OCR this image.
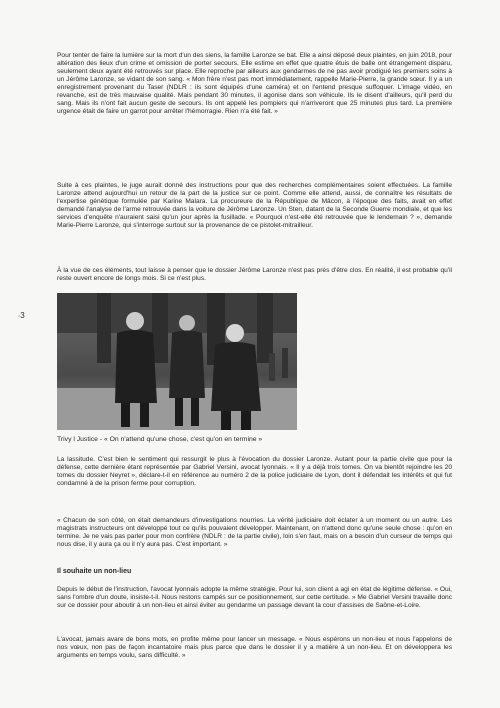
∙3

Pour tenter de faire la lumière sur la mort d'un des siens, la famille Laronze se bat. Elle a ainsi déposé deux plaintes, en juin 2018, pour altération des lieux d'un crime et omission de porter secours. Elle estime en effet que quatre étuis de balle ont étrangement disparu, seulement deux ayant été retrouvés sur place. Elle reproche par ailleurs aux gendarmes de ne pas avoir prodigué les premiers soins à un Jérôme Laronze, se vidant de son sang. « Mon frère n'est pas mort immédiatement, rappelle Marie-Pierre, la grande sœur. Il y a un enregistrement provenant du Taser (NDLR : ils sont équipés d'une caméra) et on l'entend presque suffoquer. L'image vidéo, en revanche, est de très mauvaise qualité. Mais pendant 30 minutes, il agonise dans son véhicule. Ils le disent d'ailleurs, qu'il perd du sang. Mais ils n'ont fait aucun geste de secours. Ils ont appelé les pompiers qui n'arriveront que 25 minutes plus tard. La première urgence était de faire un garrot pour arrêter l'hémorragie. Rien n'a été fait. »

Suite à ces plaintes, le juge aurait donné des instructions pour que des recherches complémentaires soient effectuées. La famille Laronze attend aujourd'hui un retour de la part de la justice sur ce point. Comme elle attend, aussi, de connaître les résultats de l'expertise génétique formulée par Karine Malara. La procureure de la République de Mâcon, à l'époque des faits, avait en effet demandé l'analyse de l'arme retrouvée dans la voiture de Jérôme Laronze. Un Sten, datant de la Seconde Guerre mondiale, et que les services d'enquête n'auraient saisi qu'un jour après la fusillade. « Pourquoi n'est-elle été retrouvée que le lendemain ? », demande Marie-Pierre Laronze, qui s'interroge surtout sur la provenance de ce pistolet-mitrailleur.

À la vue de ces éléments, tout laisse à penser que le dossier Jérôme Laronze n'est pas près d'être clos. En réalité, il est probable qu'il reste ouvert encore de longs mois. Si ce n'est plus.

Trivy l Justice - « On n'attend qu'une chose, c'est qu'on en termine »

La lassitude. C'est bien le sentiment qui ressurgit le plus à l'évocation du dossier Laronze. Autant pour la partie civile que pour la défense, cette dernière étant représentée par Gabriel Versini, avocat lyonnais. « Il y a déjà trois tomes. On va bientôt rejoindre les 20 tomes du dossier Neyret », déclare-t-il en référence au numéro 2 de la police judiciaire de Lyon, dont il défendait les intérêts et qui fut condamné à de la prison ferme pour corruption.

« Chacun de son côté, on était demandeurs d'investigations nourries. La vérité judiciaire doit éclater à un moment ou un autre. Les magistrats instructeurs ont développé tout ce qu'ils pouvaient développer. Maintenant, on n'attend donc qu'une seule chose : qu'on en termine. Je ne vais pas parler pour mon confrère (NDLR : de la partie civile), loin s'en faut, mais on a besoin d'un curseur de temps qui nous dise, il y aura ça ou il n'y aura pas. C'est important. »

Il souhaite un non-lieu

Depuis le début de l'instruction, l'avocat lyonnais adopte la même stratégie. Pour lui, son client a agi en état de légitime défense. « Oui, sans l'ombre d'un doute, insiste-t-il. Nous restons campés sur ce positionnement, sur cette certitude. » Me Gabriel Versini travaille donc sur ce dossier pour aboutir à un non-lieu et ainsi éviter au gendarme un passage devant la cour d'assises de Saône-et-Loire.

L'avocat, jamais avare de bons mots, en profite même pour lancer un message. « Nous espérons un non-lieu et nous l'appelons de nos vœux, non pas de façon incantatoire mais plus parce que dans le dossier il y a matière à un non-lieu. Et on développera les arguments en temps voulu, sans difficulté. »
